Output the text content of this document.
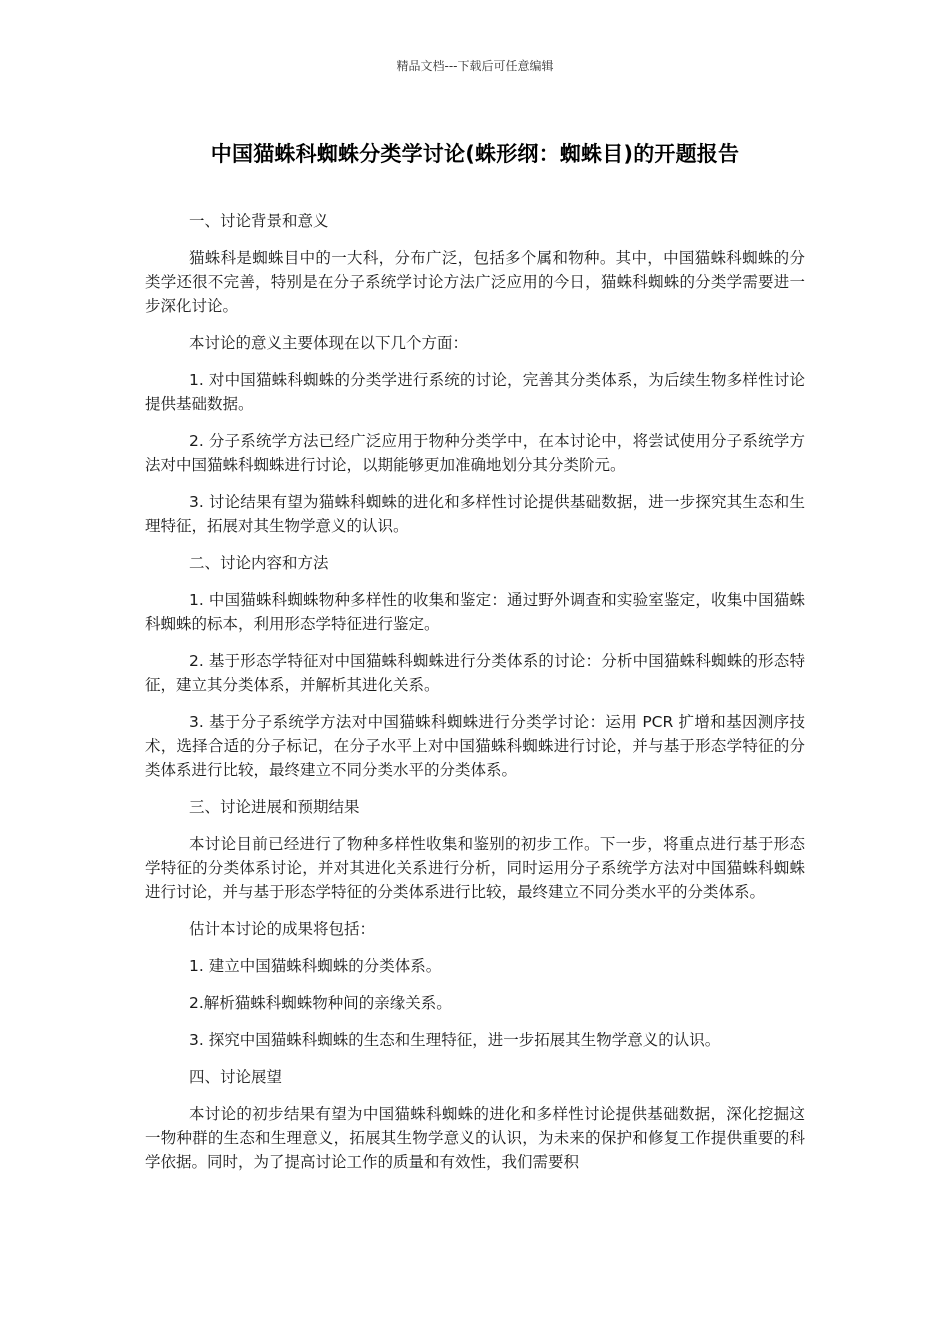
精品文档---下载后可任意编辑
中国猫蛛科蜘蛛分类学讨论(蛛形纲：蜘蛛目)的开题报告

一、讨论背景和意义

猫蛛科是蜘蛛目中的一大科，分布广泛，包括多个属和物种。其中，中国猫蛛科蜘蛛的分类学还很不完善，特别是在分子系统学讨论方法广泛应用的今日，猫蛛科蜘蛛的分类学需要进一步深化讨论。

本讨论的意义主要体现在以下几个方面：

1. 对中国猫蛛科蜘蛛的分类学进行系统的讨论，完善其分类体系，为后续生物多样性讨论提供基础数据。

2. 分子系统学方法已经广泛应用于物种分类学中，在本讨论中，将尝试使用分子系统学方法对中国猫蛛科蜘蛛进行讨论，以期能够更加准确地划分其分类阶元。

3. 讨论结果有望为猫蛛科蜘蛛的进化和多样性讨论提供基础数据，进一步探究其生态和生理特征，拓展对其生物学意义的认识。

二、讨论内容和方法

1. 中国猫蛛科蜘蛛物种多样性的收集和鉴定：通过野外调查和实验室鉴定，收集中国猫蛛科蜘蛛的标本，利用形态学特征进行鉴定。

2. 基于形态学特征对中国猫蛛科蜘蛛进行分类体系的讨论：分析中国猫蛛科蜘蛛的形态特征，建立其分类体系，并解析其进化关系。

3. 基于分子系统学方法对中国猫蛛科蜘蛛进行分类学讨论：运用 PCR 扩增和基因测序技术，选择合适的分子标记，在分子水平上对中国猫蛛科蜘蛛进行讨论，并与基于形态学特征的分类体系进行比较，最终建立不同分类水平的分类体系。

三、讨论进展和预期结果

本讨论目前已经进行了物种多样性收集和鉴别的初步工作。下一步，将重点进行基于形态学特征的分类体系讨论，并对其进化关系进行分析，同时运用分子系统学方法对中国猫蛛科蜘蛛进行讨论，并与基于形态学特征的分类体系进行比较，最终建立不同分类水平的分类体系。

估计本讨论的成果将包括：

1. 建立中国猫蛛科蜘蛛的分类体系。

2.解析猫蛛科蜘蛛物种间的亲缘关系。

3. 探究中国猫蛛科蜘蛛的生态和生理特征，进一步拓展其生物学意义的认识。

四、讨论展望

本讨论的初步结果有望为中国猫蛛科蜘蛛的进化和多样性讨论提供基础数据，深化挖掘这一物种群的生态和生理意义，拓展其生物学意义的认识，为未来的保护和修复工作提供重要的科学依据。同时，为了提高讨论工作的质量和有效性，我们需要积
